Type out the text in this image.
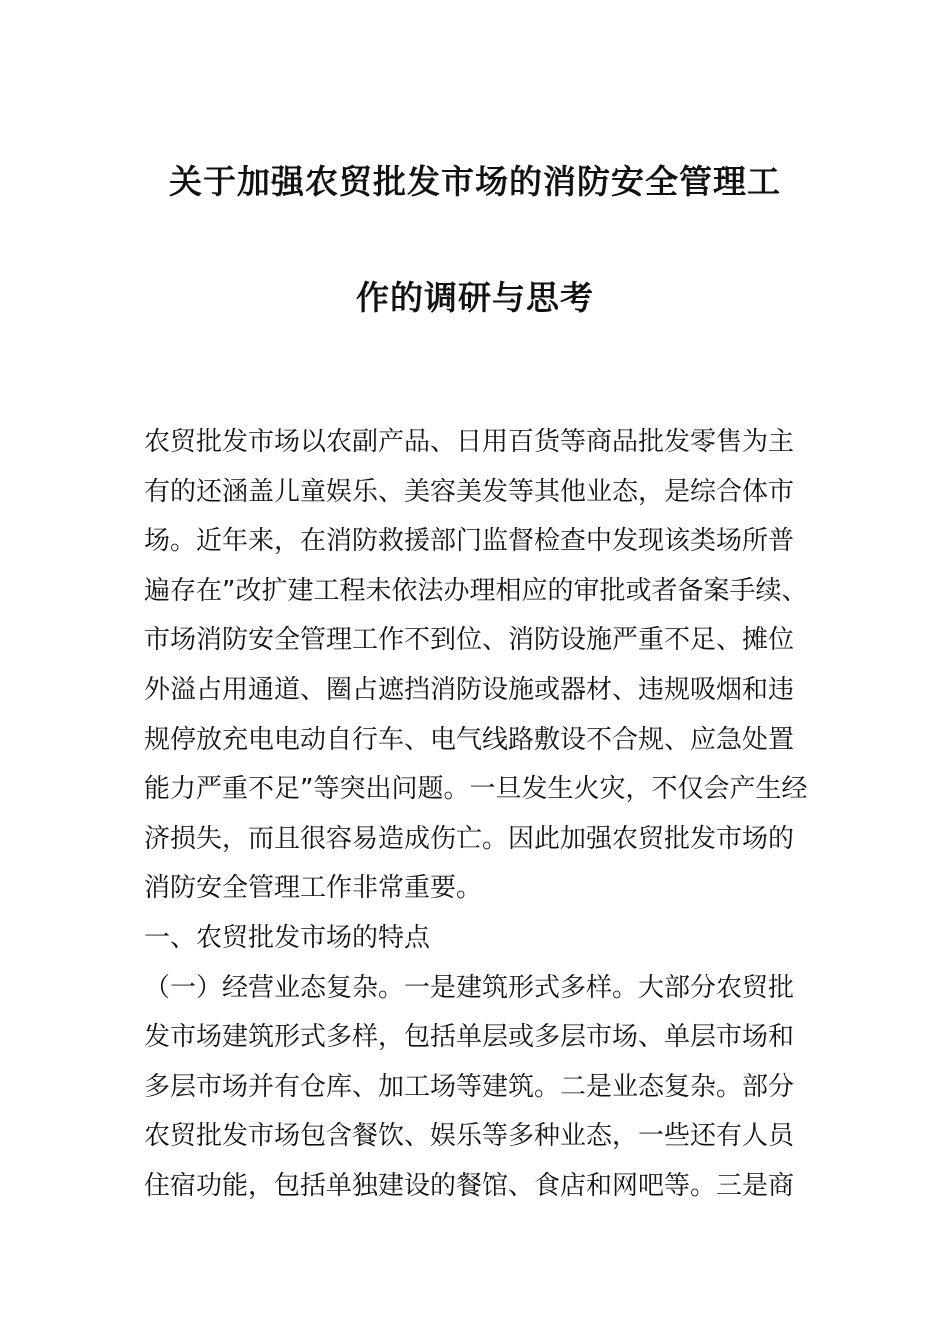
关于加强农贸批发市场的消防安全管理工
作的调研与思考
农贸批发市场以农副产品、日用百货等商品批发零售为主
有的还涵盖儿童娱乐、美容美发等其他业态，是综合体市
场。近年来，在消防救援部门监督检查中发现该类场所普
遍存在”改扩建工程未依法办理相应的审批或者备案手续、
市场消防安全管理工作不到位、消防设施严重不足、摊位
外溢占用通道、圈占遮挡消防设施或器材、违规吸烟和违
规停放充电电动自行车、电气线路敷设不合规、应急处置
能力严重不足”等突出问题。一旦发生火灾，不仅会产生经
济损失，而且很容易造成伤亡。因此加强农贸批发市场的
消防安全管理工作非常重要。
一、农贸批发市场的特点
（一）经营业态复杂。一是建筑形式多样。大部分农贸批
发市场建筑形式多样，包括单层或多层市场、单层市场和
多层市场并有仓库、加工场等建筑。二是业态复杂。部分
农贸批发市场包含餐饮、娱乐等多种业态，一些还有人员
住宿功能，包括单独建设的餐馆、食店和网吧等。三是商
